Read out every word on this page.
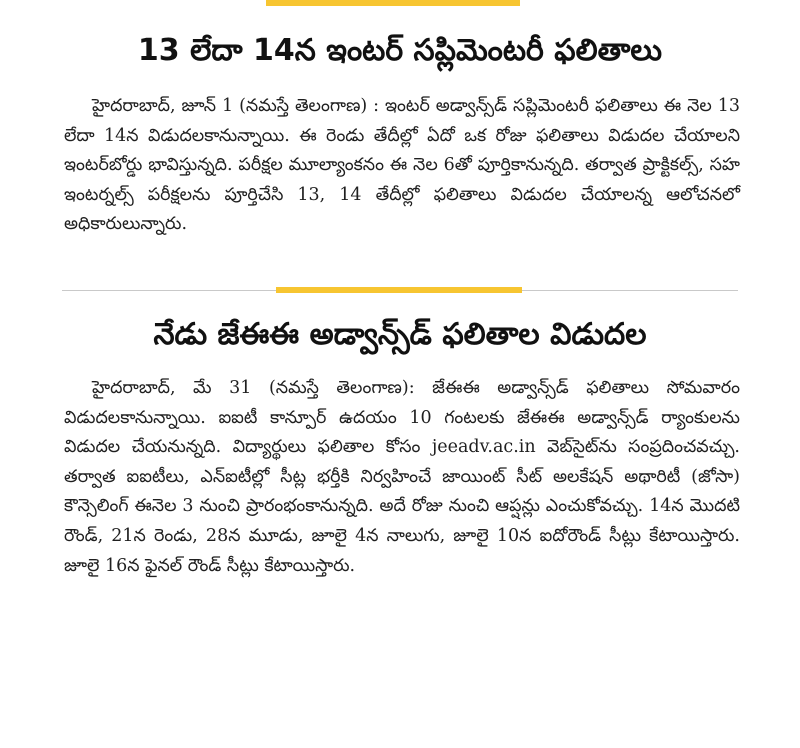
13 లేదా 14న ఇంటర్ సప్లిమెంటరీ ఫలితాలు

హైదరాబాద్, జూన్ 1 (నమస్తే తెలంగాణ) : ఇంటర్ అడ్వాన్స్‌డ్ సప్లిమెంటరీ ఫలితాలు ఈ నెల 13 లేదా 14న విడుదలకానున్నాయి. ఈ రెండు తేదీల్లో ఏదో ఒక రోజు ఫలితాలు విడుదల చేయాలని ఇంటర్‌బోర్డు భావిస్తున్నది. పరీక్షల మూల్యాంకనం ఈ నెల 6తో పూర్తికానున్నది. తర్వాత ప్రాక్టికల్స్, సహ ఇంటర్నల్స్ పరీక్షలను పూర్తిచేసి 13, 14 తేదీల్లో ఫలితాలు విడుదల చేయాలన్న ఆలోచనలో అధికారులున్నారు.

నేడు జేఈఈ అడ్వాన్స్‌డ్ ఫలితాల విడుదల

హైదరాబాద్, మే 31 (నమస్తే తెలంగాణ): జేఈఈ అడ్వాన్స్‌డ్ ఫలితాలు సోమవారం విడుదలకానున్నాయి. ఐఐటీ కాన్పూర్ ఉదయం 10 గంటలకు జేఈఈ అడ్వాన్స్‌డ్ ర్యాంకులను విడుదల చేయనున్నది. విద్యార్థులు ఫలితాల కోసం jeeadv.ac.in వెబ్‌సైట్‌ను సంప్రదించవచ్చు. తర్వాత ఐఐటీలు, ఎన్‌ఐటీల్లో సీట్ల భర్తీకి నిర్వహించే జాయింట్ సీట్ అలకేషన్ అథారిటీ (జోసా) కౌన్సెలింగ్ ఈనెల 3 నుంచి ప్రారంభంకానున్నది. అదే రోజు నుంచి ఆప్షన్లు ఎంచుకోవచ్చు. 14న మొదటి రౌండ్, 21న రెండు, 28న మూడు, జూలై 4న నాలుగు, జూలై 10న ఐదోరౌండ్ సీట్లు కేటాయిస్తారు. జూలై 16న ఫైనల్ రౌండ్ సీట్లు కేటాయిస్తారు.
